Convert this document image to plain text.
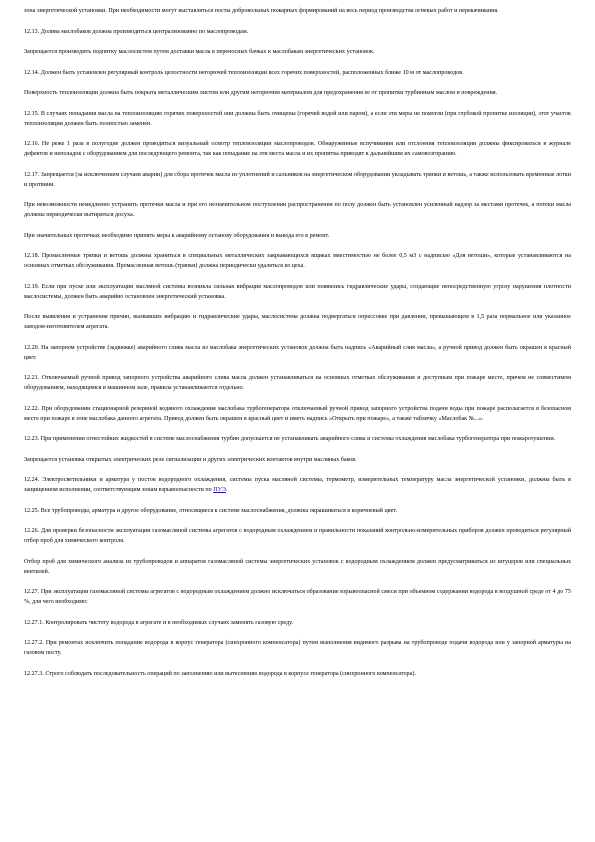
зона энергетической установки. При необходимости могут выставляться посты добровольных пожарных формирований на весь период производства огневых работ и перекачивания.

12.13. Долива маслобаков должна производиться централизованно по маслопроводам.

Запрещается производить подпитку маслосистем путем доставки масла в переносных бачках к маслобакам энергетических установок.

12.14. Должен быть установлен регулярный контроль целостности негорючей теплоизоляции всех горячих поверхностей, расположенных ближе 10 м от маслопроводов.

Поверхность теплоизоляции должна быть покрыта металлическим листом или другим негорючим материалом для предохранения ее от пропитки турбинным маслом и повреждения.

12.15. В случаях попадания масла на теплоизоляцию горячих поверхностей они должны быть очищены (горячей водой или паром), а если эти меры не помогли (при глубокой пропитке изоляции), этот участок теплоизоляции должен быть полностью заменен.

12.16. Не реже 1 раза в полугодие должен проводиться визуальный осмотр теплоизоляции маслопроводов. Обнаруженные вспучивания или отслоения теплоизоляции должны фиксироваться в журнале дефектов и неполадок с оборудованием для последующего ремонта, так как попадание на эти места масла и их пропитка приводят к дальнейшим их самовозгоранию.

12.17. Запрещается (за исключением случаев аварии) для сбора протечек масла из уплотнений и сальников на энергетическом оборудовании укладывать тряпки и ветошь, а также использовать временные лотки и протвини.

При невозможности немедленно устранить протечки масла и при его незначительном поступлении распространения по полу должен быть установлен усиленный надзор за местами протечек, а потеки масла должны периодически вытираться досуха.

При значительных протечках необходимо принять меры к аварийному останову оборудования и вывода его в ремонт.

12.18. Промасленные тряпки и ветошь должны храниться в специальных металлических закрывающихся ящиках вместимостью не более 0,5 м3 с надписью «Для ветоши», которые устанавливаются на основных отметках обслуживания. Промасленная ветошь (тряпки) должна периодически удаляться из цеха.

12.19. Если при пуске или эксплуатации масляной системы возникла сильная вибрация маслопроводов или появились гидравлические удары, создающие непосредственную угрозу нарушения плотности маслосистемы, должен быть аварийно остановлен энергетический установка.

После выявления и устранения причин, вызвавших вибрацию и гидравлические удары, маслосистема должна подвергаться опрессовке при давлении, превышающем в 1,5 раза нормальное или указанное заводом-изготовителем агрегата.

12.20. На запорном устройстве (задвижке) аварийного слива масла из маслобака энергетических установок должна быть надпись «Аварийный слив масла», а ручной привод должен быть окрашен в красный цвет.

12.21. Отключаемый ручной привод запорного устройства аварийного слива масла должен устанавливаться на основных отметках обслуживания и доступным при пожаре месте, причем не совместимом оборудованием, находящимся в машинном зале, правила устанавливаются отдельно.

12.22. При оборудовании стационарной резервной водяного охлаждения маслобака турбогенератора отключаемый ручной привод запорного устройства подачи воды при пожаре располагается в безопасном месте при пожаре в зоне маслобака данного агрегата. Привод должен быть окрашен в красный цвет и иметь надпись «Открыть при пожаре», а также табличку «Маслобак №...».

12.23. При применении огнестойких жидкостей в системе маслоснабжения турбин допускается не устанавливать аварийного слива и системы охлаждения маслобака турбогенератора при пожаротушении.

Запрещается установка открытых электрических реле сигнализации и других электрических контактов внутри масляных баков.

12.24. Электросветильники и арматура у постов водородного охлаждения, системы пуска масляной системы, термометр, измерительных температуру масла энергетической установки, должны быть в защищенном исполнении, соответствующим зонам взрывоопасности по ПУЭ.

12.25. Все трубопроводы, арматура и другое оборудование, относящиеся к системе маслоснабжения, должны окрашиваться в коричневый цвет.

12.26. Для проверки безопасности эксплуатации газомасляной системы агрегатов с водородным охлаждением и правильности показаний контрольно-измерительных приборов должен проводиться регулярный отбор проб для химического контроля.

Отбор проб для химического анализа из трубопроводов и аппаратов газомасляной системы энергетических установок с водородным охлаждением должен предусматриваться из штуцеров или специальных вентилей.

12.27. При эксплуатации газомасляной системы агрегатов с водородным охлаждением должно исключаться образование взрывоопасной смеси при объемном содержании водорода в воздушной среде от 4 до 75 %, для чего необходимо:

12.27.1. Контролировать чистоту водорода в агрегате и в необходимых случаях заменять газовую среду.

12.27.2. При ремонтах исключить попадание водорода в корпус генератора (синхронного компенсатора) путем выполнения видимого разрыва на трубопроводе подачи водорода или у запорной арматуры на газовом посту.

12.27.3. Строго соблюдать последовательность операций по заполнению или вытеснению водорода в корпусе генератора (синхронного компенсатора).
